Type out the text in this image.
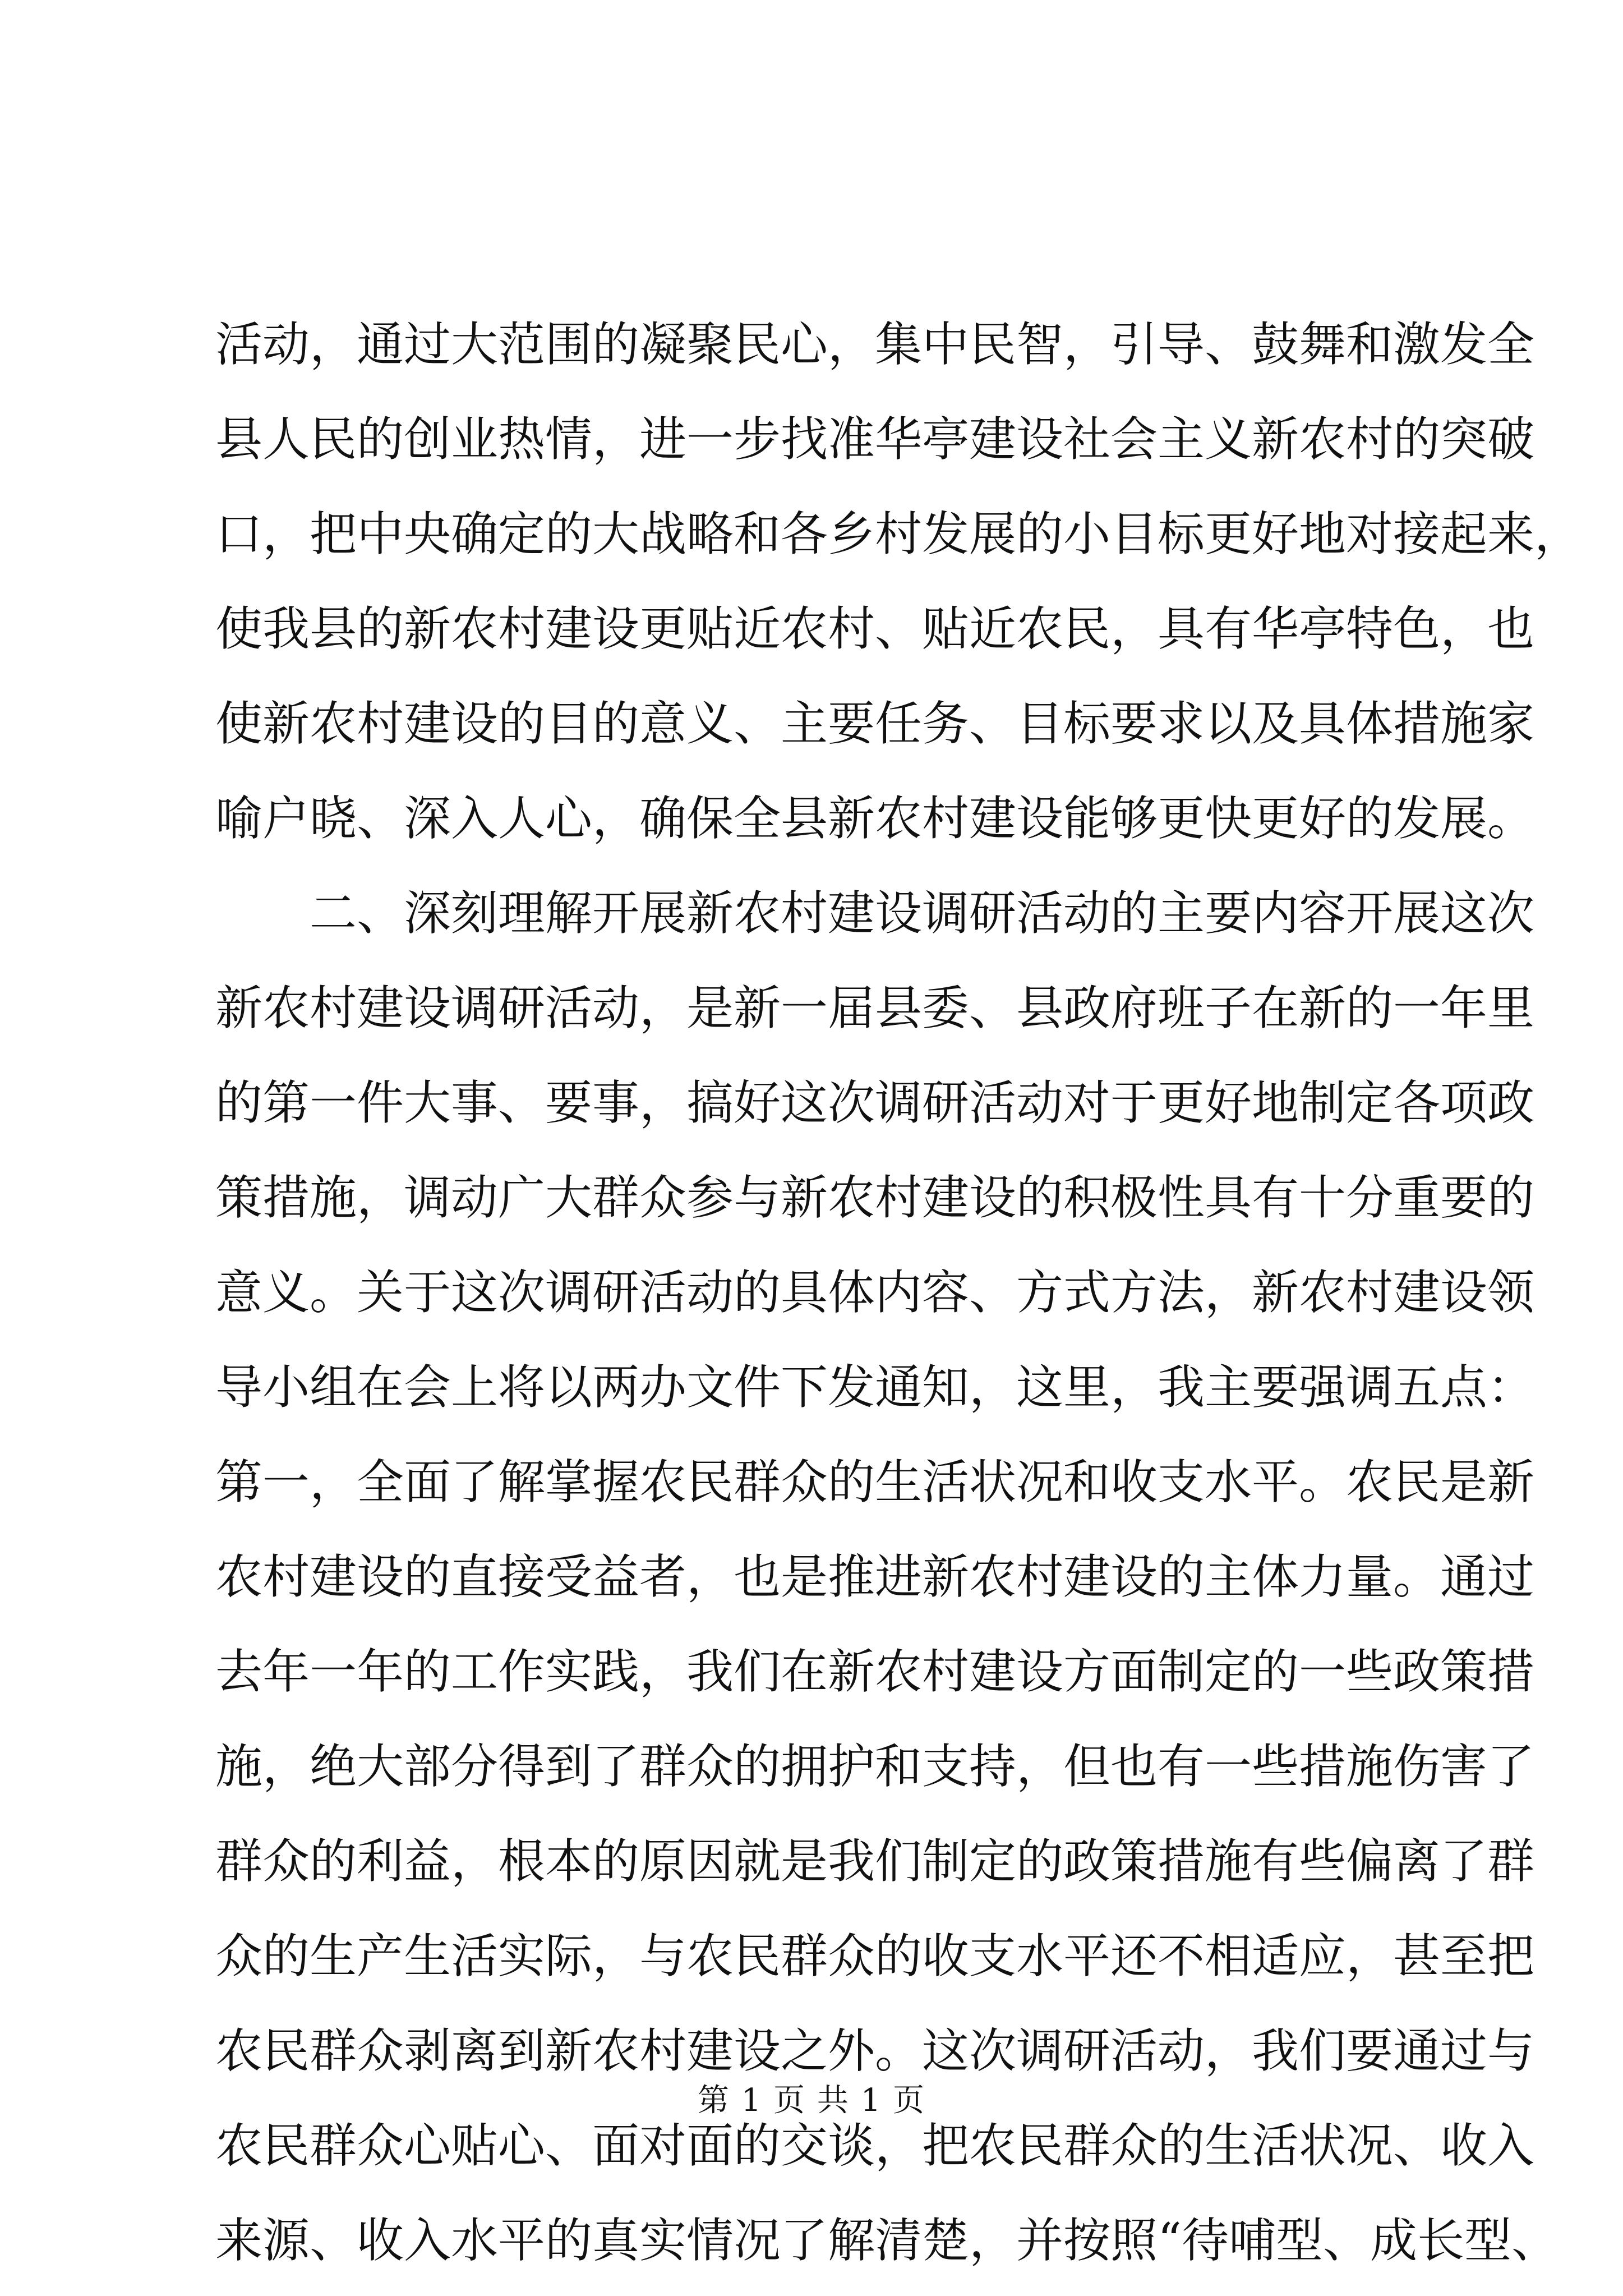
活动，通过大范围的凝聚民心，集中民智，引导、鼓舞和激发全
县人民的创业热情，进一步找准华亭建设社会主义新农村的突破
口，把中央确定的大战略和各乡村发展的小目标更好地对接起来，
使我县的新农村建设更贴近农村、贴近农民，具有华亭特色，也
使新农村建设的目的意义、主要任务、目标要求以及具体措施家
喻户晓、深入人心，确保全县新农村建设能够更快更好的发展。
二、深刻理解开展新农村建设调研活动的主要内容开展这次
新农村建设调研活动，是新一届县委、县政府班子在新的一年里
的第一件大事、要事，搞好这次调研活动对于更好地制定各项政
策措施，调动广大群众参与新农村建设的积极性具有十分重要的
意义。关于这次调研活动的具体内容、方式方法，新农村建设领
导小组在会上将以两办文件下发通知，这里，我主要强调五点：
第一，全面了解掌握农民群众的生活状况和收支水平。农民是新
农村建设的直接受益者，也是推进新农村建设的主体力量。通过
去年一年的工作实践，我们在新农村建设方面制定的一些政策措
施，绝大部分得到了群众的拥护和支持，但也有一些措施伤害了
群众的利益，根本的原因就是我们制定的政策措施有些偏离了群
众的生产生活实际，与农民群众的收支水平还不相适应，甚至把
农民群众剥离到新农村建设之外。这次调研活动，我们要通过与
农民群众心贴心、面对面的交谈，把农民群众的生活状况、收入
来源、收入水平的真实情况了解清楚，并按照“待哺型、成长型、
第 1 页 共 1 页
